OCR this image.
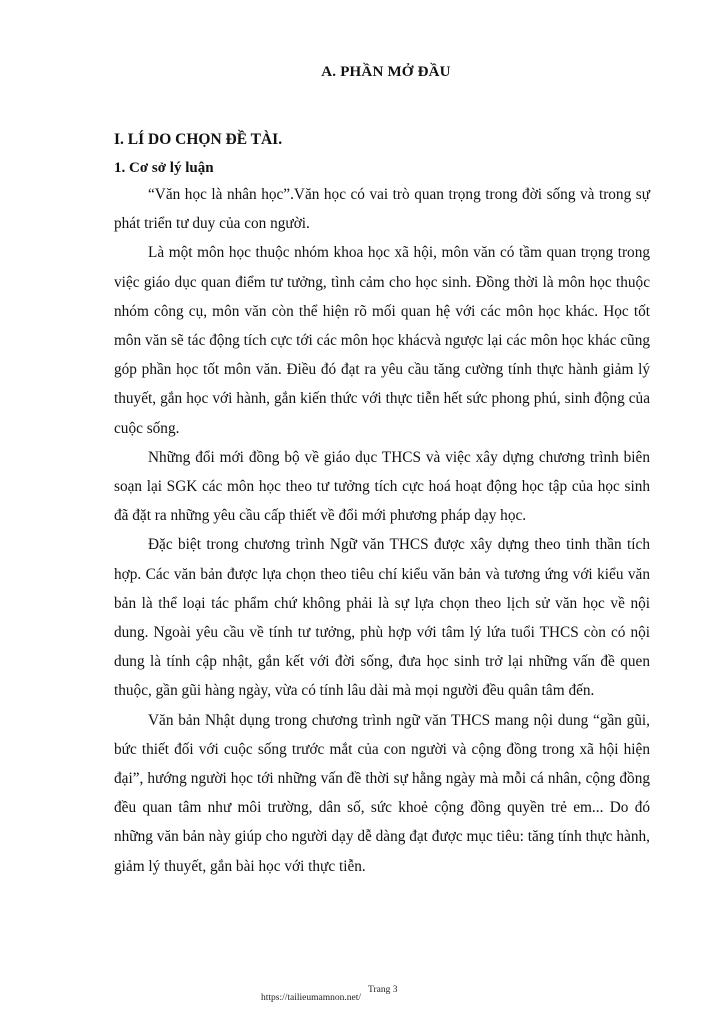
A. PHẦN MỞ ĐẦU
I. LÍ DO CHỌN ĐỀ TÀI.
1. Cơ sở lý luận

“Văn học là nhân học”.Văn học có vai trò quan trọng trong đời sống và trong sự phát triển tư duy của con người.

Là một môn học thuộc nhóm khoa học xã hội, môn văn có tầm quan trọng trong việc giáo dục quan điểm tư tưởng, tình cảm cho học sinh. Đồng thời là môn học thuộc nhóm công cụ, môn văn còn thể hiện rõ mối quan hệ với các môn học khác. Học tốt môn văn sẽ tác động tích cực tới các môn học khácvà ngược lại các môn học khác cũng góp phần học tốt môn văn. Điều đó đạt ra yêu cầu tăng cường tính thực hành giảm lý thuyết, gắn học với hành, gắn kiến thức với thực tiễn hết sức phong phú, sinh động của cuộc sống.

Những đổi mới đồng bộ về giáo dục THCS và việc xây dựng chương trình biên soạn lại SGK các môn học theo tư tưởng tích cực hoá hoạt động học tập của học sinh đã đặt ra những yêu cầu cấp thiết về đổi mới phương pháp dạy học.

Đặc biệt trong chương trình Ngữ văn THCS được xây dựng theo tinh thần tích hợp. Các văn bản được lựa chọn theo tiêu chí kiểu văn bản và tương ứng với kiểu văn bản là thể loại tác phẩm chứ không phải là sự lựa chọn theo lịch sử văn học về nội dung. Ngoài yêu cầu về tính tư tưởng, phù hợp với tâm lý lứa tuổi THCS còn có nội dung là tính cập nhật, gắn kết với đời sống, đưa học sinh trở lại những vấn đề quen thuộc, gần gũi hàng ngày, vừa có tính lâu dài mà mọi người đều quân tâm đến.

Văn bản Nhật dụng trong chương trình ngữ văn THCS mang nội dung “gần gũi, bức thiết đối với cuộc sống trước mắt của con người và cộng đồng trong xã hội hiện đại”, hướng người học tới những vấn đề thời sự hằng ngày mà mỗi cá nhân, cộng đồng đều quan tâm như môi trường, dân số, sức khoẻ cộng đồng quyền trẻ em... Do đó những văn bản này giúp cho người dạy dễ dàng đạt được mục tiêu: tăng tính thực hành, giảm lý thuyết, gắn bài học với thực tiễn.

Trang 3
https://tailieumamnon.net/
